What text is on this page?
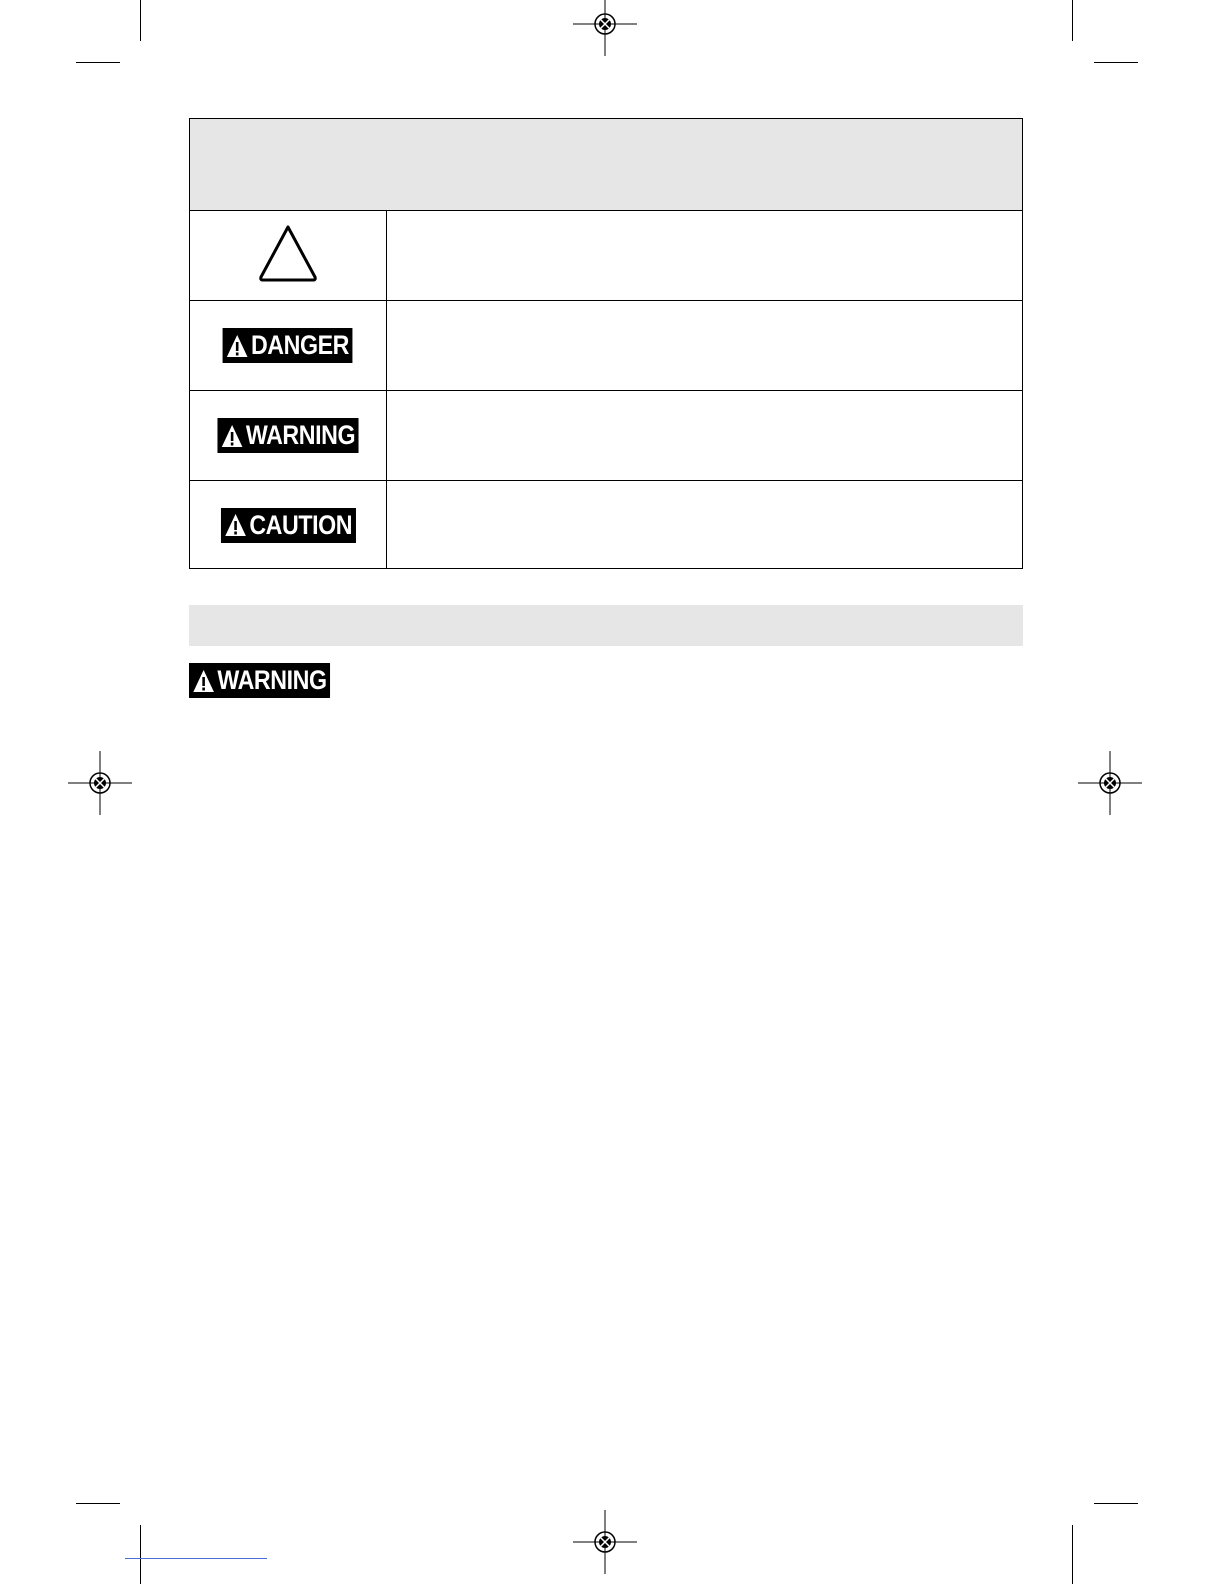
DANGER
WARNING
CAUTION
WARNING
